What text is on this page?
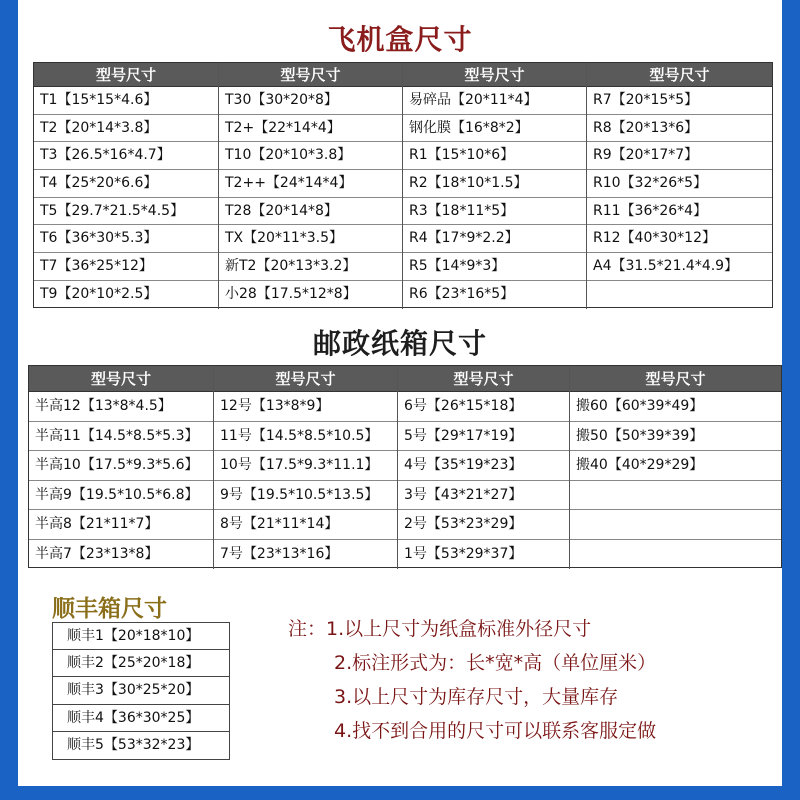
飞机盒尺寸
型号尺寸
T1【15*15*4.6】
T2【20*14*3.8】
T3【26.5*16*4.7】
T4【25*20*6.6】
T5【29.7*21.5*4.5】
T6【36*30*5.3】
T7【36*25*12】
T9【20*10*2.5】
型号尺寸
T30【30*20*8】
T2+【22*14*4】
T10【20*10*3.8】
T2++【24*14*4】
T28【20*14*8】
TX【20*11*3.5】
新T2【20*13*3.2】
小28【17.5*12*8】
型号尺寸
易碎品【20*11*4】
钢化膜【16*8*2】
R1【15*10*6】
R2【18*10*1.5】
R3【18*11*5】
R4【17*9*2.2】
R5【14*9*3】
R6【23*16*5】
型号尺寸
R7【20*15*5】
R8【20*13*6】
R9【20*17*7】
R10【32*26*5】
R11【36*26*4】
R12【40*30*12】
A4【31.5*21.4*4.9】
邮政纸箱尺寸
型号尺寸
半高12【13*8*4.5】
半高11【14.5*8.5*5.3】
半高10【17.5*9.3*5.6】
半高9【19.5*10.5*6.8】
半高8【21*11*7】
半高7【23*13*8】
型号尺寸
12号【13*8*9】
11号【14.5*8.5*10.5】
10号【17.5*9.3*11.1】
9号【19.5*10.5*13.5】
8号【21*11*14】
7号【23*13*16】
型号尺寸
6号【26*15*18】
5号【29*17*19】
4号【35*19*23】
3号【43*21*27】
2号【53*23*29】
1号【53*29*37】
型号尺寸
搬60【60*39*49】
搬50【50*39*39】
搬40【40*29*29】
顺丰箱尺寸
顺丰1【20*18*10】
顺丰2【25*20*18】
顺丰3【30*25*20】
顺丰4【36*30*25】
顺丰5【53*32*23】
注：1.以上尺寸为纸盒标准外径尺寸
2.标注形式为：长*宽*高（单位厘米）
3.以上尺寸为库存尺寸，大量库存
4.找不到合用的尺寸可以联系客服定做
